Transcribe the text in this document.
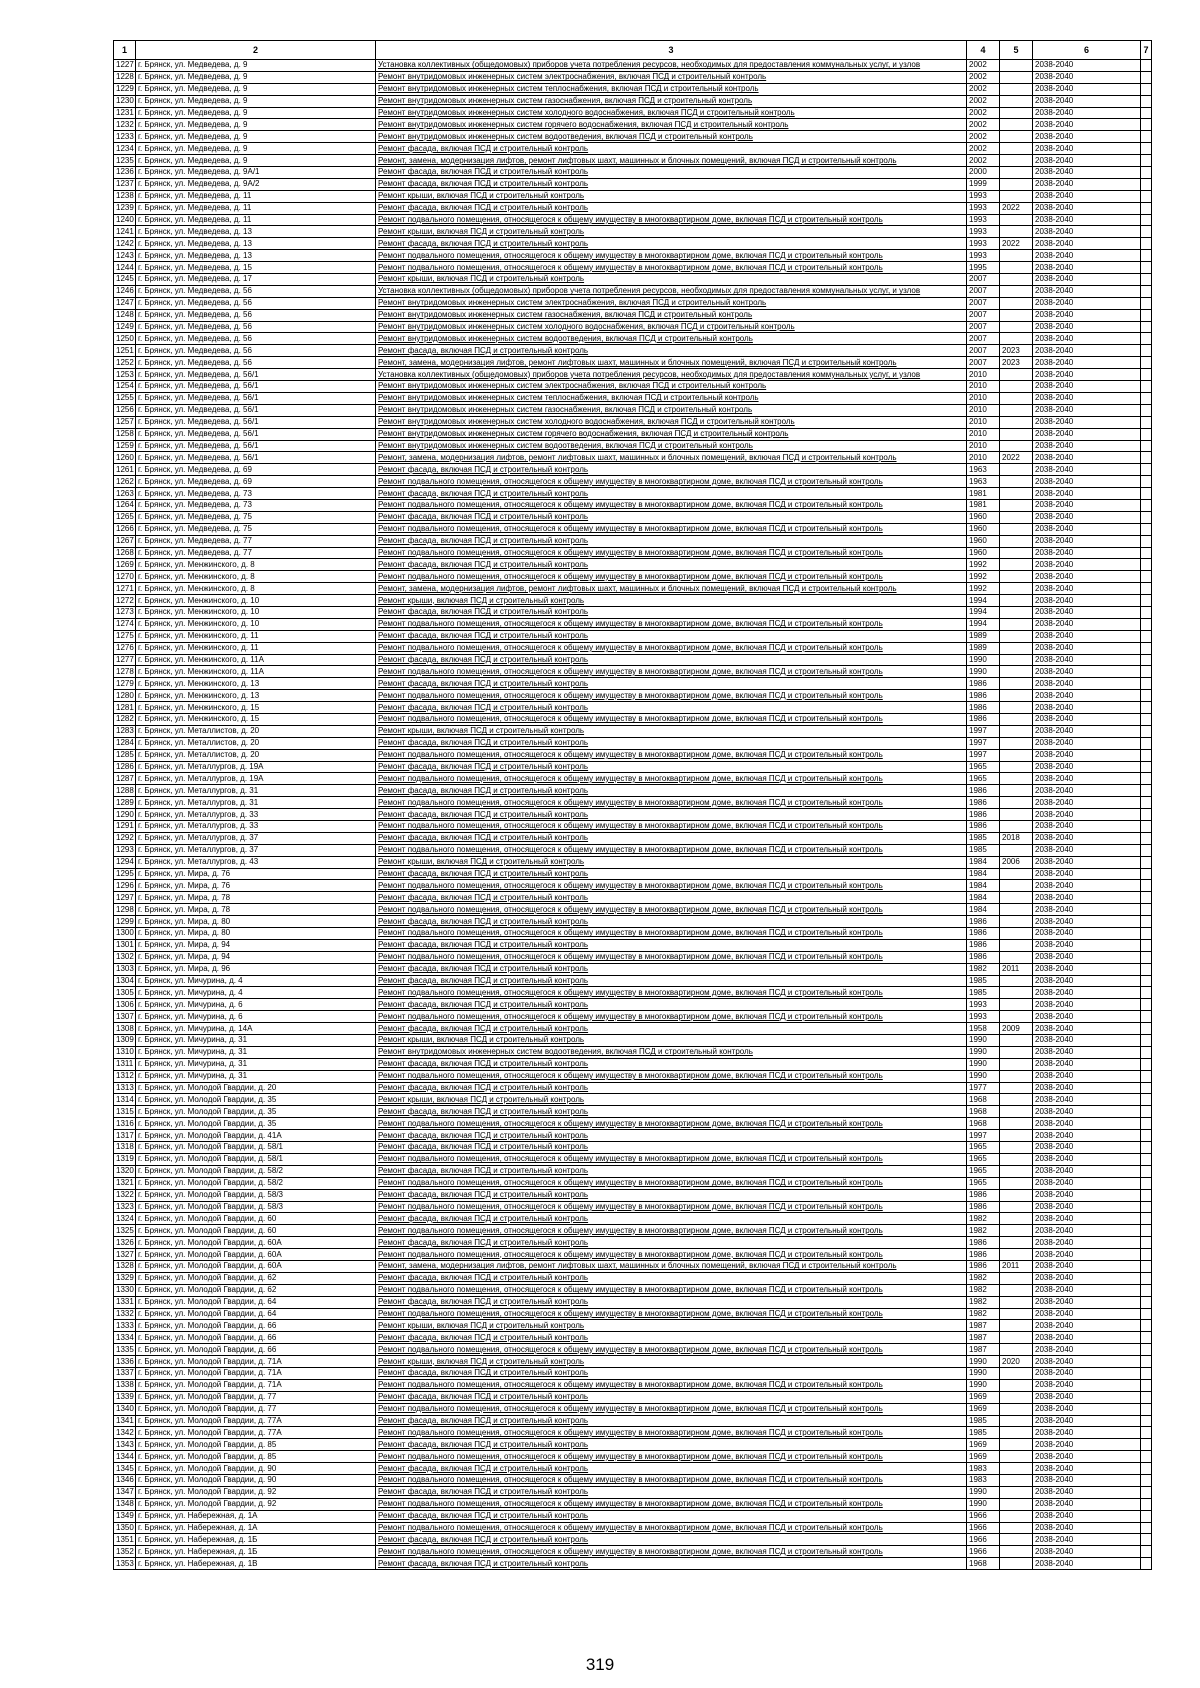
1	2	3	4	5	6	7
1227	г. Брянск, ул. Медведева, д. 9	Установка коллективных (общедомовых) приборов учета потребления ресурсов, необходимых для предоставления коммунальных услуг, и узлов	2002		2038-2040	
1228	г. Брянск, ул. Медведева, д. 9	Ремонт внутридомовых инженерных систем электроснабжения, включая ПСД и строительный контроль	2002		2038-2040	
1229	г. Брянск, ул. Медведева, д. 9	Ремонт внутридомовых инженерных систем теплоснабжения, включая ПСД и строительный контроль	2002		2038-2040	
1230	г. Брянск, ул. Медведева, д. 9	Ремонт внутридомовых инженерных систем газоснабжения, включая ПСД и строительный контроль	2002		2038-2040	
1231	г. Брянск, ул. Медведева, д. 9	Ремонт внутридомовых инженерных систем холодного водоснабжения, включая ПСД и строительный контроль	2002		2038-2040	
1232	г. Брянск, ул. Медведева, д. 9	Ремонт внутридомовых инженерных систем горячего водоснабжения, включая ПСД и строительный контроль	2002		2038-2040	
1233	г. Брянск, ул. Медведева, д. 9	Ремонт внутридомовых инженерных систем водоотведения, включая ПСД и строительный контроль	2002		2038-2040	
1234	г. Брянск, ул. Медведева, д. 9	Ремонт фасада, включая ПСД и строительный контроль	2002		2038-2040	
1235	г. Брянск, ул. Медведева, д. 9	Ремонт, замена, модернизация лифтов, ремонт лифтовых шахт, машинных и блочных помещений, включая ПСД и строительный контроль	2002		2038-2040	
1236	г. Брянск, ул. Медведева, д. 9А/1	Ремонт фасада, включая ПСД и строительный контроль	2000		2038-2040	
1237	г. Брянск, ул. Медведева, д. 9А/2	Ремонт фасада, включая ПСД и строительный контроль	1999		2038-2040	
1238	г. Брянск, ул. Медведева, д. 11	Ремонт крыши, включая ПСД и строительный контроль	1993		2038-2040	
1239	г. Брянск, ул. Медведева, д. 11	Ремонт фасада, включая ПСД и строительный контроль	1993	2022	2038-2040	
1240	г. Брянск, ул. Медведева, д. 11	Ремонт подвального помещения, относящегося к общему имуществу в многоквартирном доме, включая ПСД и строительный контроль	1993		2038-2040	
1241	г. Брянск, ул. Медведева, д. 13	Ремонт крыши, включая ПСД и строительный контроль	1993		2038-2040	
1242	г. Брянск, ул. Медведева, д. 13	Ремонт фасада, включая ПСД и строительный контроль	1993	2022	2038-2040	
1243	г. Брянск, ул. Медведева, д. 13	Ремонт подвального помещения, относящегося к общему имуществу в многоквартирном доме, включая ПСД и строительный контроль	1993		2038-2040	
1244	г. Брянск, ул. Медведева, д. 15	Ремонт подвального помещения, относящегося к общему имуществу в многоквартирном доме, включая ПСД и строительный контроль	1995		2038-2040	
1245	г. Брянск, ул. Медведева, д. 17	Ремонт крыши, включая ПСД и строительный контроль	2007		2038-2040	
1246	г. Брянск, ул. Медведева, д. 56	Установка коллективных (общедомовых) приборов учета потребления ресурсов, необходимых для предоставления коммунальных услуг, и узлов	2007		2038-2040	
1247	г. Брянск, ул. Медведева, д. 56	Ремонт внутридомовых инженерных систем электроснабжения, включая ПСД и строительный контроль	2007		2038-2040	
1248	г. Брянск, ул. Медведева, д. 56	Ремонт внутридомовых инженерных систем газоснабжения, включая ПСД и строительный контроль	2007		2038-2040	
1249	г. Брянск, ул. Медведева, д. 56	Ремонт внутридомовых инженерных систем холодного водоснабжения, включая ПСД и строительный контроль	2007		2038-2040	
1250	г. Брянск, ул. Медведева, д. 56	Ремонт внутридомовых инженерных систем водоотведения, включая ПСД и строительный контроль	2007		2038-2040	
1251	г. Брянск, ул. Медведева, д. 56	Ремонт фасада, включая ПСД и строительный контроль	2007	2023	2038-2040	
1252	г. Брянск, ул. Медведева, д. 56	Ремонт, замена, модернизация лифтов, ремонт лифтовых шахт, машинных и блочных помещений, включая ПСД и строительный контроль	2007	2023	2038-2040	
1253	г. Брянск, ул. Медведева, д. 56/1	Установка коллективных (общедомовых) приборов учета потребления ресурсов, необходимых для предоставления коммунальных услуг, и узлов	2010		2038-2040	
1254	г. Брянск, ул. Медведева, д. 56/1	Ремонт внутридомовых инженерных систем электроснабжения, включая ПСД и строительный контроль	2010		2038-2040	
1255	г. Брянск, ул. Медведева, д. 56/1	Ремонт внутридомовых инженерных систем теплоснабжения, включая ПСД и строительный контроль	2010		2038-2040	
1256	г. Брянск, ул. Медведева, д. 56/1	Ремонт внутридомовых инженерных систем газоснабжения, включая ПСД и строительный контроль	2010		2038-2040	
1257	г. Брянск, ул. Медведева, д. 56/1	Ремонт внутридомовых инженерных систем холодного водоснабжения, включая ПСД и строительный контроль	2010		2038-2040	
1258	г. Брянск, ул. Медведева, д. 56/1	Ремонт внутридомовых инженерных систем горячего водоснабжения, включая ПСД и строительный контроль	2010		2038-2040	
1259	г. Брянск, ул. Медведева, д. 56/1	Ремонт внутридомовых инженерных систем водоотведения, включая ПСД и строительный контроль	2010		2038-2040	
1260	г. Брянск, ул. Медведева, д. 56/1	Ремонт, замена, модернизация лифтов, ремонт лифтовых шахт, машинных и блочных помещений, включая ПСД и строительный контроль	2010	2022	2038-2040	
1261	г. Брянск, ул. Медведева, д. 69	Ремонт фасада, включая ПСД и строительный контроль	1963		2038-2040	
1262	г. Брянск, ул. Медведева, д. 69	Ремонт подвального помещения, относящегося к общему имуществу в многоквартирном доме, включая ПСД и строительный контроль	1963		2038-2040	
1263	г. Брянск, ул. Медведева, д. 73	Ремонт фасада, включая ПСД и строительный контроль	1981		2038-2040	
1264	г. Брянск, ул. Медведева, д. 73	Ремонт подвального помещения, относящегося к общему имуществу в многоквартирном доме, включая ПСД и строительный контроль	1981		2038-2040	
1265	г. Брянск, ул. Медведева, д. 75	Ремонт фасада, включая ПСД и строительный контроль	1960		2038-2040	
1266	г. Брянск, ул. Медведева, д. 75	Ремонт подвального помещения, относящегося к общему имуществу в многоквартирном доме, включая ПСД и строительный контроль	1960		2038-2040	
1267	г. Брянск, ул. Медведева, д. 77	Ремонт фасада, включая ПСД и строительный контроль	1960		2038-2040	
1268	г. Брянск, ул. Медведева, д. 77	Ремонт подвального помещения, относящегося к общему имуществу в многоквартирном доме, включая ПСД и строительный контроль	1960		2038-2040	
1269	г. Брянск, ул. Менжинского, д. 8	Ремонт фасада, включая ПСД и строительный контроль	1992		2038-2040	
1270	г. Брянск, ул. Менжинского, д. 8	Ремонт подвального помещения, относящегося к общему имуществу в многоквартирном доме, включая ПСД и строительный контроль	1992		2038-2040	
1271	г. Брянск, ул. Менжинского, д. 8	Ремонт, замена, модернизация лифтов, ремонт лифтовых шахт, машинных и блочных помещений, включая ПСД и строительный контроль	1992		2038-2040	
1272	г. Брянск, ул. Менжинского, д. 10	Ремонт крыши, включая ПСД и строительный контроль	1994		2038-2040	
1273	г. Брянск, ул. Менжинского, д. 10	Ремонт фасада, включая ПСД и строительный контроль	1994		2038-2040	
1274	г. Брянск, ул. Менжинского, д. 10	Ремонт подвального помещения, относящегося к общему имуществу в многоквартирном доме, включая ПСД и строительный контроль	1994		2038-2040	
1275	г. Брянск, ул. Менжинского, д. 11	Ремонт фасада, включая ПСД и строительный контроль	1989		2038-2040	
1276	г. Брянск, ул. Менжинского, д. 11	Ремонт подвального помещения, относящегося к общему имуществу в многоквартирном доме, включая ПСД и строительный контроль	1989		2038-2040	
1277	г. Брянск, ул. Менжинского, д. 11А	Ремонт фасада, включая ПСД и строительный контроль	1990		2038-2040	
1278	г. Брянск, ул. Менжинского, д. 11А	Ремонт подвального помещения, относящегося к общему имуществу в многоквартирном доме, включая ПСД и строительный контроль	1990		2038-2040	
1279	г. Брянск, ул. Менжинского, д. 13	Ремонт фасада, включая ПСД и строительный контроль	1986		2038-2040	
1280	г. Брянск, ул. Менжинского, д. 13	Ремонт подвального помещения, относящегося к общему имуществу в многоквартирном доме, включая ПСД и строительный контроль	1986		2038-2040	
1281	г. Брянск, ул. Менжинского, д. 15	Ремонт фасада, включая ПСД и строительный контроль	1986		2038-2040	
1282	г. Брянск, ул. Менжинского, д. 15	Ремонт подвального помещения, относящегося к общему имуществу в многоквартирном доме, включая ПСД и строительный контроль	1986		2038-2040	
1283	г. Брянск, ул. Металлистов, д. 20	Ремонт крыши, включая ПСД и строительный контроль	1997		2038-2040	
1284	г. Брянск, ул. Металлистов, д. 20	Ремонт фасада, включая ПСД и строительный контроль	1997		2038-2040	
1285	г. Брянск, ул. Металлистов, д. 20	Ремонт подвального помещения, относящегося к общему имуществу в многоквартирном доме, включая ПСД и строительный контроль	1997		2038-2040	
1286	г. Брянск, ул. Металлургов, д. 19А	Ремонт фасада, включая ПСД и строительный контроль	1965		2038-2040	
1287	г. Брянск, ул. Металлургов, д. 19А	Ремонт подвального помещения, относящегося к общему имуществу в многоквартирном доме, включая ПСД и строительный контроль	1965		2038-2040	
1288	г. Брянск, ул. Металлургов, д. 31	Ремонт фасада, включая ПСД и строительный контроль	1986		2038-2040	
1289	г. Брянск, ул. Металлургов, д. 31	Ремонт подвального помещения, относящегося к общему имуществу в многоквартирном доме, включая ПСД и строительный контроль	1986		2038-2040	
1290	г. Брянск, ул. Металлургов, д. 33	Ремонт фасада, включая ПСД и строительный контроль	1986		2038-2040	
1291	г. Брянск, ул. Металлургов, д. 33	Ремонт подвального помещения, относящегося к общему имуществу в многоквартирном доме, включая ПСД и строительный контроль	1986		2038-2040	
1292	г. Брянск, ул. Металлургов, д. 37	Ремонт фасада, включая ПСД и строительный контроль	1985	2018	2038-2040	
1293	г. Брянск, ул. Металлургов, д. 37	Ремонт подвального помещения, относящегося к общему имуществу в многоквартирном доме, включая ПСД и строительный контроль	1985		2038-2040	
1294	г. Брянск, ул. Металлургов, д. 43	Ремонт крыши, включая ПСД и строительный контроль	1984	2006	2038-2040	
1295	г. Брянск, ул. Мира, д. 76	Ремонт фасада, включая ПСД и строительный контроль	1984		2038-2040	
1296	г. Брянск, ул. Мира, д. 76	Ремонт подвального помещения, относящегося к общему имуществу в многоквартирном доме, включая ПСД и строительный контроль	1984		2038-2040	
1297	г. Брянск, ул. Мира, д. 78	Ремонт фасада, включая ПСД и строительный контроль	1984		2038-2040	
1298	г. Брянск, ул. Мира, д. 78	Ремонт подвального помещения, относящегося к общему имуществу в многоквартирном доме, включая ПСД и строительный контроль	1984		2038-2040	
1299	г. Брянск, ул. Мира, д. 80	Ремонт фасада, включая ПСД и строительный контроль	1986		2038-2040	
1300	г. Брянск, ул. Мира, д. 80	Ремонт подвального помещения, относящегося к общему имуществу в многоквартирном доме, включая ПСД и строительный контроль	1986		2038-2040	
1301	г. Брянск, ул. Мира, д. 94	Ремонт фасада, включая ПСД и строительный контроль	1986		2038-2040	
1302	г. Брянск, ул. Мира, д. 94	Ремонт подвального помещения, относящегося к общему имуществу в многоквартирном доме, включая ПСД и строительный контроль	1986		2038-2040	
1303	г. Брянск, ул. Мира, д. 96	Ремонт фасада, включая ПСД и строительный контроль	1982	2011	2038-2040	
1304	г. Брянск, ул. Мичурина, д. 4	Ремонт фасада, включая ПСД и строительный контроль	1985		2038-2040	
1305	г. Брянск, ул. Мичурина, д. 4	Ремонт подвального помещения, относящегося к общему имуществу в многоквартирном доме, включая ПСД и строительный контроль	1985		2038-2040	
1306	г. Брянск, ул. Мичурина, д. 6	Ремонт фасада, включая ПСД и строительный контроль	1993		2038-2040	
1307	г. Брянск, ул. Мичурина, д. 6	Ремонт подвального помещения, относящегося к общему имуществу в многоквартирном доме, включая ПСД и строительный контроль	1993		2038-2040	
1308	г. Брянск, ул. Мичурина, д. 14А	Ремонт фасада, включая ПСД и строительный контроль	1958	2009	2038-2040	
1309	г. Брянск, ул. Мичурина, д. 31	Ремонт крыши, включая ПСД и строительный контроль	1990		2038-2040	
1310	г. Брянск, ул. Мичурина, д. 31	Ремонт внутридомовых инженерных систем водоотведения, включая ПСД и строительный контроль	1990		2038-2040	
1311	г. Брянск, ул. Мичурина, д. 31	Ремонт фасада, включая ПСД и строительный контроль	1990		2038-2040	
1312	г. Брянск, ул. Мичурина, д. 31	Ремонт подвального помещения, относящегося к общему имуществу в многоквартирном доме, включая ПСД и строительный контроль	1990		2038-2040	
1313	г. Брянск, ул. Молодой Гвардии, д. 20	Ремонт фасада, включая ПСД и строительный контроль	1977		2038-2040	
1314	г. Брянск, ул. Молодой Гвардии, д. 35	Ремонт крыши, включая ПСД и строительный контроль	1968		2038-2040	
1315	г. Брянск, ул. Молодой Гвардии, д. 35	Ремонт фасада, включая ПСД и строительный контроль	1968		2038-2040	
1316	г. Брянск, ул. Молодой Гвардии, д. 35	Ремонт подвального помещения, относящегося к общему имуществу в многоквартирном доме, включая ПСД и строительный контроль	1968		2038-2040	
1317	г. Брянск, ул. Молодой Гвардии, д. 41А	Ремонт фасада, включая ПСД и строительный контроль	1997		2038-2040	
1318	г. Брянск, ул. Молодой Гвардии, д. 58/1	Ремонт фасада, включая ПСД и строительный контроль	1965		2038-2040	
1319	г. Брянск, ул. Молодой Гвардии, д. 58/1	Ремонт подвального помещения, относящегося к общему имуществу в многоквартирном доме, включая ПСД и строительный контроль	1965		2038-2040	
1320	г. Брянск, ул. Молодой Гвардии, д. 58/2	Ремонт фасада, включая ПСД и строительный контроль	1965		2038-2040	
1321	г. Брянск, ул. Молодой Гвардии, д. 58/2	Ремонт подвального помещения, относящегося к общему имуществу в многоквартирном доме, включая ПСД и строительный контроль	1965		2038-2040	
1322	г. Брянск, ул. Молодой Гвардии, д. 58/3	Ремонт фасада, включая ПСД и строительный контроль	1986		2038-2040	
1323	г. Брянск, ул. Молодой Гвардии, д. 58/3	Ремонт подвального помещения, относящегося к общему имуществу в многоквартирном доме, включая ПСД и строительный контроль	1986		2038-2040	
1324	г. Брянск, ул. Молодой Гвардии, д. 60	Ремонт фасада, включая ПСД и строительный контроль	1982		2038-2040	
1325	г. Брянск, ул. Молодой Гвардии, д. 60	Ремонт подвального помещения, относящегося к общему имуществу в многоквартирном доме, включая ПСД и строительный контроль	1982		2038-2040	
1326	г. Брянск, ул. Молодой Гвардии, д. 60А	Ремонт фасада, включая ПСД и строительный контроль	1986		2038-2040	
1327	г. Брянск, ул. Молодой Гвардии, д. 60А	Ремонт подвального помещения, относящегося к общему имуществу в многоквартирном доме, включая ПСД и строительный контроль	1986		2038-2040	
1328	г. Брянск, ул. Молодой Гвардии, д. 60А	Ремонт, замена, модернизация лифтов, ремонт лифтовых шахт, машинных и блочных помещений, включая ПСД и строительный контроль	1986	2011	2038-2040	
1329	г. Брянск, ул. Молодой Гвардии, д. 62	Ремонт фасада, включая ПСД и строительный контроль	1982		2038-2040	
1330	г. Брянск, ул. Молодой Гвардии, д. 62	Ремонт подвального помещения, относящегося к общему имуществу в многоквартирном доме, включая ПСД и строительный контроль	1982		2038-2040	
1331	г. Брянск, ул. Молодой Гвардии, д. 64	Ремонт фасада, включая ПСД и строительный контроль	1982		2038-2040	
1332	г. Брянск, ул. Молодой Гвардии, д. 64	Ремонт подвального помещения, относящегося к общему имуществу в многоквартирном доме, включая ПСД и строительный контроль	1982		2038-2040	
1333	г. Брянск, ул. Молодой Гвардии, д. 66	Ремонт крыши, включая ПСД и строительный контроль	1987		2038-2040	
1334	г. Брянск, ул. Молодой Гвардии, д. 66	Ремонт фасада, включая ПСД и строительный контроль	1987		2038-2040	
1335	г. Брянск, ул. Молодой Гвардии, д. 66	Ремонт подвального помещения, относящегося к общему имуществу в многоквартирном доме, включая ПСД и строительный контроль	1987		2038-2040	
1336	г. Брянск, ул. Молодой Гвардии, д. 71А	Ремонт крыши, включая ПСД и строительный контроль	1990	2020	2038-2040	
1337	г. Брянск, ул. Молодой Гвардии, д. 71А	Ремонт фасада, включая ПСД и строительный контроль	1990		2038-2040	
1338	г. Брянск, ул. Молодой Гвардии, д. 71А	Ремонт подвального помещения, относящегося к общему имуществу в многоквартирном доме, включая ПСД и строительный контроль	1990		2038-2040	
1339	г. Брянск, ул. Молодой Гвардии, д. 77	Ремонт фасада, включая ПСД и строительный контроль	1969		2038-2040	
1340	г. Брянск, ул. Молодой Гвардии, д. 77	Ремонт подвального помещения, относящегося к общему имуществу в многоквартирном доме, включая ПСД и строительный контроль	1969		2038-2040	
1341	г. Брянск, ул. Молодой Гвардии, д. 77А	Ремонт фасада, включая ПСД и строительный контроль	1985		2038-2040	
1342	г. Брянск, ул. Молодой Гвардии, д. 77А	Ремонт подвального помещения, относящегося к общему имуществу в многоквартирном доме, включая ПСД и строительный контроль	1985		2038-2040	
1343	г. Брянск, ул. Молодой Гвардии, д. 85	Ремонт фасада, включая ПСД и строительный контроль	1969		2038-2040	
1344	г. Брянск, ул. Молодой Гвардии, д. 85	Ремонт подвального помещения, относящегося к общему имуществу в многоквартирном доме, включая ПСД и строительный контроль	1969		2038-2040	
1345	г. Брянск, ул. Молодой Гвардии, д. 90	Ремонт фасада, включая ПСД и строительный контроль	1983		2038-2040	
1346	г. Брянск, ул. Молодой Гвардии, д. 90	Ремонт подвального помещения, относящегося к общему имуществу в многоквартирном доме, включая ПСД и строительный контроль	1983		2038-2040	
1347	г. Брянск, ул. Молодой Гвардии, д. 92	Ремонт фасада, включая ПСД и строительный контроль	1990		2038-2040	
1348	г. Брянск, ул. Молодой Гвардии, д. 92	Ремонт подвального помещения, относящегося к общему имуществу в многоквартирном доме, включая ПСД и строительный контроль	1990		2038-2040	
1349	г. Брянск, ул. Набережная, д. 1А	Ремонт фасада, включая ПСД и строительный контроль	1966		2038-2040	
1350	г. Брянск, ул. Набережная, д. 1А	Ремонт подвального помещения, относящегося к общему имуществу в многоквартирном доме, включая ПСД и строительный контроль	1966		2038-2040	
1351	г. Брянск, ул. Набережная, д. 1Б	Ремонт фасада, включая ПСД и строительный контроль	1966		2038-2040	
1352	г. Брянск, ул. Набережная, д. 1Б	Ремонт подвального помещения, относящегося к общему имуществу в многоквартирном доме, включая ПСД и строительный контроль	1966		2038-2040	
1353	г. Брянск, ул. Набережная, д. 1В	Ремонт фасада, включая ПСД и строительный контроль	1968		2038-2040	
319
